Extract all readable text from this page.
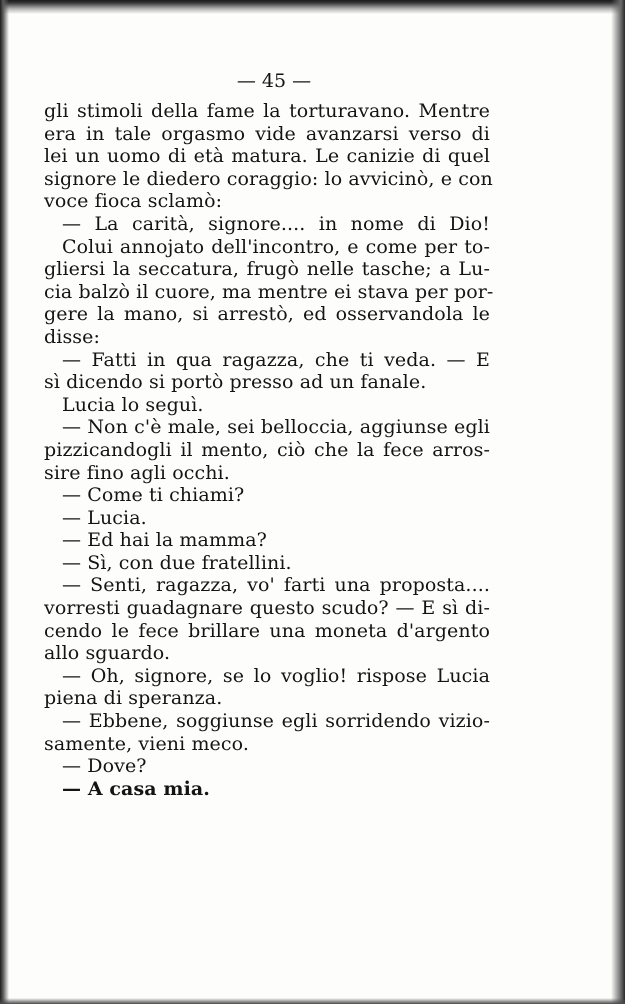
— 45 —
gli stimoli della fame la torturavano. Mentre
era in tale orgasmo vide avanzarsi verso di
lei un uomo di età matura. Le canizie di quel
signore le diedero coraggio: lo avvicinò, e con
voce fioca sclamò:
— La carità, signore.... in nome di Dio!
Colui annojato dell'incontro, e come per to-
gliersi la seccatura, frugò nelle tasche; a Lu-
cia balzò il cuore, ma mentre ei stava per por-
gere la mano, si arrestò, ed osservandola le
disse:
— Fatti in qua ragazza, che ti veda. — E
sì dicendo si portò presso ad un fanale.
Lucia lo seguì.
— Non c'è male, sei belloccia, aggiunse egli
pizzicandogli il mento, ciò che la fece arros-
sire fino agli occhi.
— Come ti chiami?
— Lucia.
— Ed hai la mamma?
— Sì, con due fratellini.
— Senti, ragazza, vo' farti una proposta....
vorresti guadagnare questo scudo? — E sì di-
cendo le fece brillare una moneta d'argento
allo sguardo.
— Oh, signore, se lo voglio! rispose Lucia
piena di speranza.
— Ebbene, soggiunse egli sorridendo vizio-
samente, vieni meco.
— Dove?
— A casa mia.
